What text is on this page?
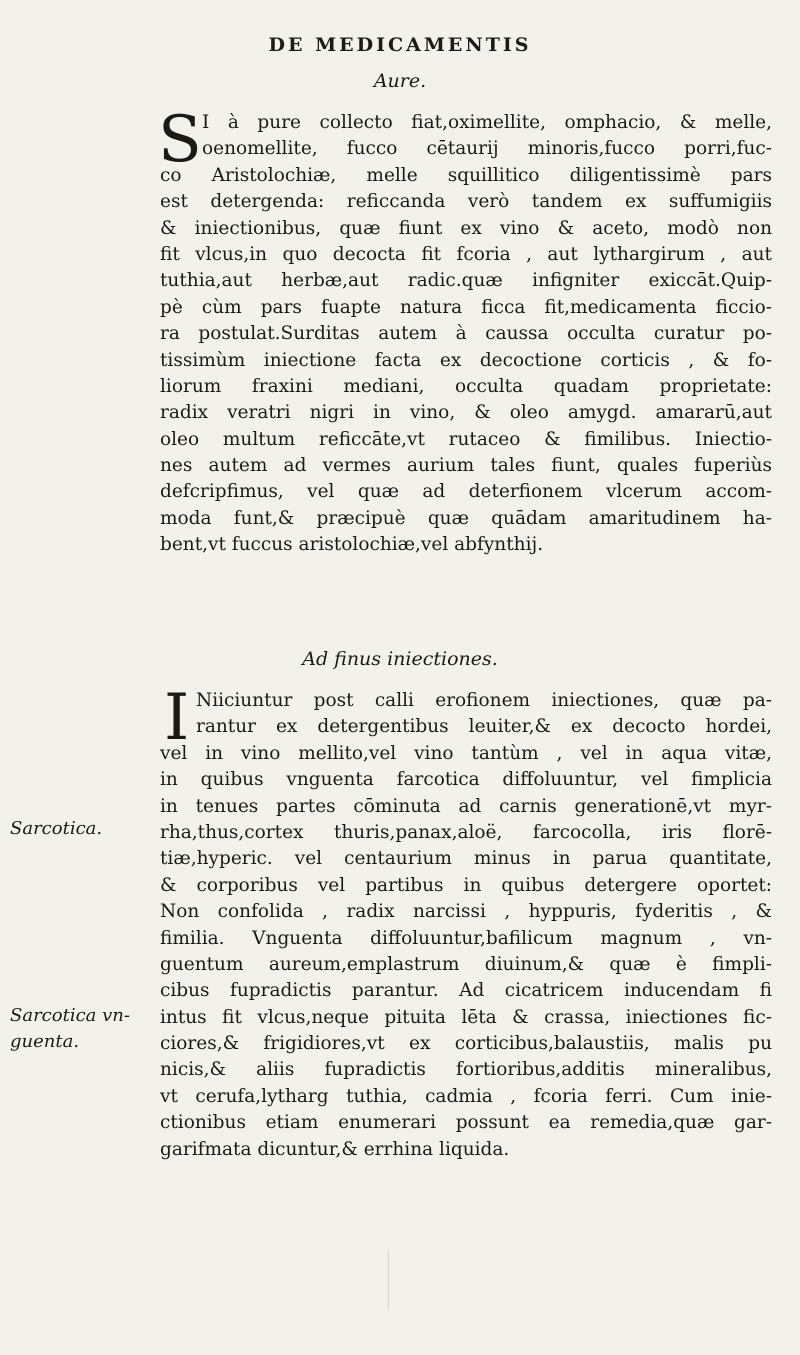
DE MEDICAMENTIS
Aure.
S I à pure collecto fiat,oximellite, omphacio, & melle,
oenomellite, fucco cētaurij minoris,fucco porri,fuc-
co Aristolochiæ, melle squillitico diligentissimè pars
est detergenda: reficcanda verò tandem ex suffumigiis
& iniectionibus, quæ fiunt ex vino & aceto, modò non
fit vlcus,in quo decocta fit fcoria , aut lythargirum , aut
tuthia,aut herbæ,aut radic.quæ infigniter exiccāt.Quip-
pè cùm pars fuapte natura ficca fit,medicamenta ficcio-
ra postulat.Surditas autem à caussa occulta curatur po-
tissimùm iniectione facta ex decoctione corticis , & fo-
liorum fraxini mediani, occulta quadam proprietate:
radix veratri nigri in vino, & oleo amygd. amararū,aut
oleo multum reficcāte,vt rutaceo & fimilibus. Iniectio-
nes autem ad vermes aurium tales fiunt, quales fuperiùs
defcripfimus, vel quæ ad deterfionem vlcerum accom-
moda funt,& præcipuè quæ quādam amaritudinem ha-
bent,vt fuccus aristolochiæ,vel abfynthij.
Ad finus iniectiones.
I Niiciuntur post calli erofionem iniectiones, quæ pa-
rantur ex detergentibus leuiter,& ex decocto hordei,
vel in vino mellito,vel vino tantùm , vel in aqua vitæ,
in quibus vnguenta farcotica diffoluuntur, vel fimplicia
in tenues partes cōminuta ad carnis generationē,vt myr-
rha,thus,cortex thuris,panax,aloë, farcocolla, iris florē-
tiæ,hyperic. vel centaurium minus in parua quantitate,
& corporibus vel partibus in quibus detergere oportet:
Non confolida , radix narcissi , hyppuris, fyderitis , &
fimilia. Vnguenta diffoluuntur,bafilicum magnum , vn-
guentum aureum,emplastrum diuinum,& quæ è fimpli-
cibus fupradictis parantur. Ad cicatricem inducendam fi
intus fit vlcus,neque pituita lēta & crassa, iniectiones fic-
ciores,& frigidiores,vt ex corticibus,balaustiis, malis pu
nicis,& aliis fupradictis fortioribus,additis mineralibus,
vt cerufa,lytharg tuthia, cadmia , fcoria ferri. Cum inie-
ctionibus etiam enumerari possunt ea remedia,quæ gar-
garifmata dicuntur,& errhina liquida.
Sarcotica.
Sarcotica vn-
guenta.
